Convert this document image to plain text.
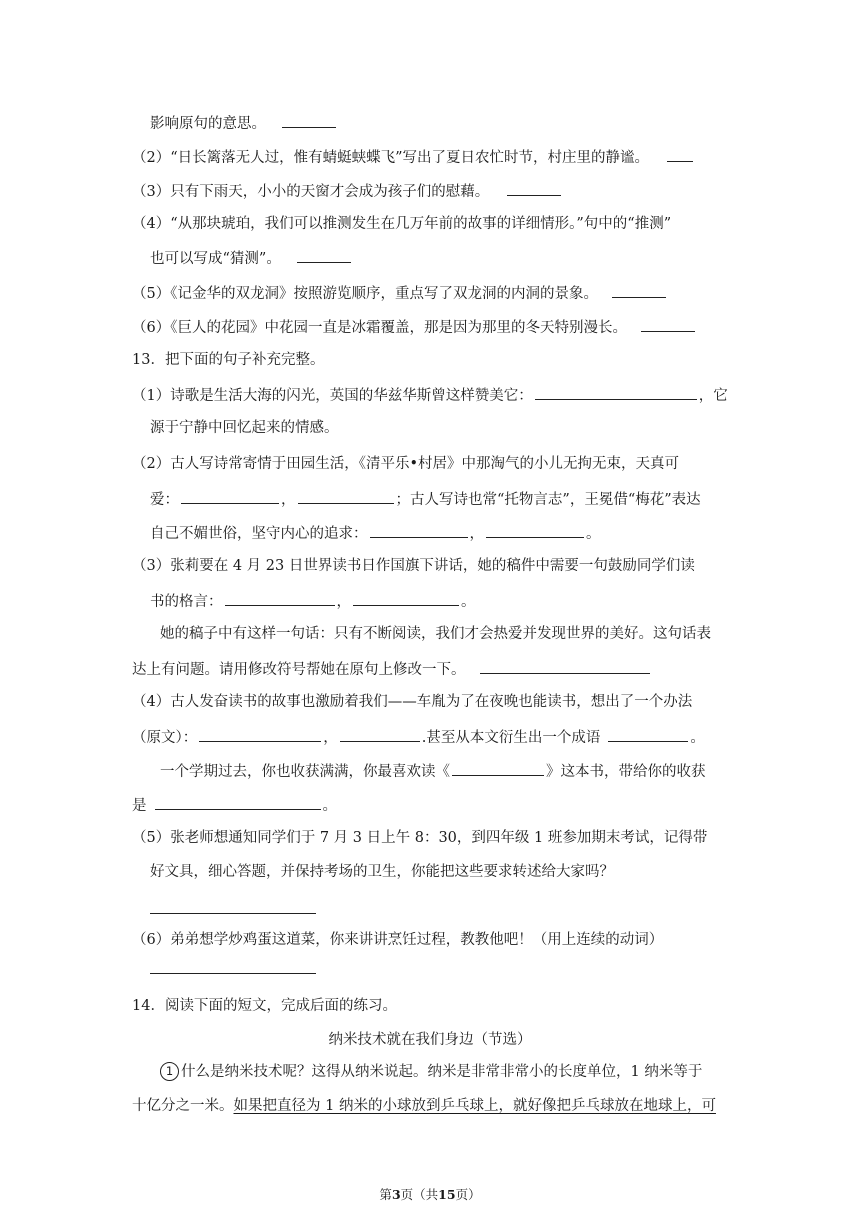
影响原句的意思。
（2）“日长篱落无人过，惟有蜻蜓蛱蝶飞”写出了夏日农忙时节，村庄里的静谧。
（3）只有下雨天，小小的天窗才会成为孩子们的慰藉。
（4）“从那块琥珀，我们可以推测发生在几万年前的故事的详细情形。”句中的“推测”
也可以写成“猜测”。
（5）《记金华的双龙洞》按照游览顺序，重点写了双龙洞的内洞的景象。
（6）《巨人的花园》中花园一直是冰霜覆盖，那是因为那里的冬天特别漫长。
13．把下面的句子补充完整。
（1）诗歌是生活大海的闪光，英国的华兹华斯曾这样赞美它：	，它
源于宁静中回忆起来的情感。
（2）古人写诗常寄情于田园生活，《清平乐•村居》中那淘气的小儿无拘无束，天真可
爱：	，	；古人写诗也常“托物言志”，王冕借“梅花”表达
自己不媚世俗，坚守内心的追求：	，	。
（3）张莉要在 4 月 23 日世界读书日作国旗下讲话，她的稿件中需要一句鼓励同学们读
书的格言：	，	。
她的稿子中有这样一句话：只有不断阅读，我们才会热爱并发现世界的美好。这句话表
达上有问题。请用修改符号帮她在原句上修改一下。
（4）古人发奋读书的故事也激励着我们——车胤为了在夜晚也能读书，想出了一个办法
（原文）：	，	.甚至从本文衍生出一个成语	。
一个学期过去，你也收获满满，你最喜欢读《	》这本书，带给你的收获
是	。
（5）张老师想通知同学们于 7 月 3 日上午 8：30，到四年级 1 班参加期末考试，记得带
好文具，细心答题，并保持考场的卫生，你能把这些要求转述给大家吗？
（6）弟弟想学炒鸡蛋这道菜，你来讲讲烹饪过程，教教他吧！（用上连续的动词）
14．阅读下面的短文，完成后面的练习。
纳米技术就在我们身边（节选）
1 什么是纳米技术呢？这得从纳米说起。纳米是非常非常小的长度单位，1 纳米等于
十亿分之一米。如果把直径为 1 纳米的小球放到乒乓球上，就好像把乒乓球放在地球上，可
第3页（共15页）
